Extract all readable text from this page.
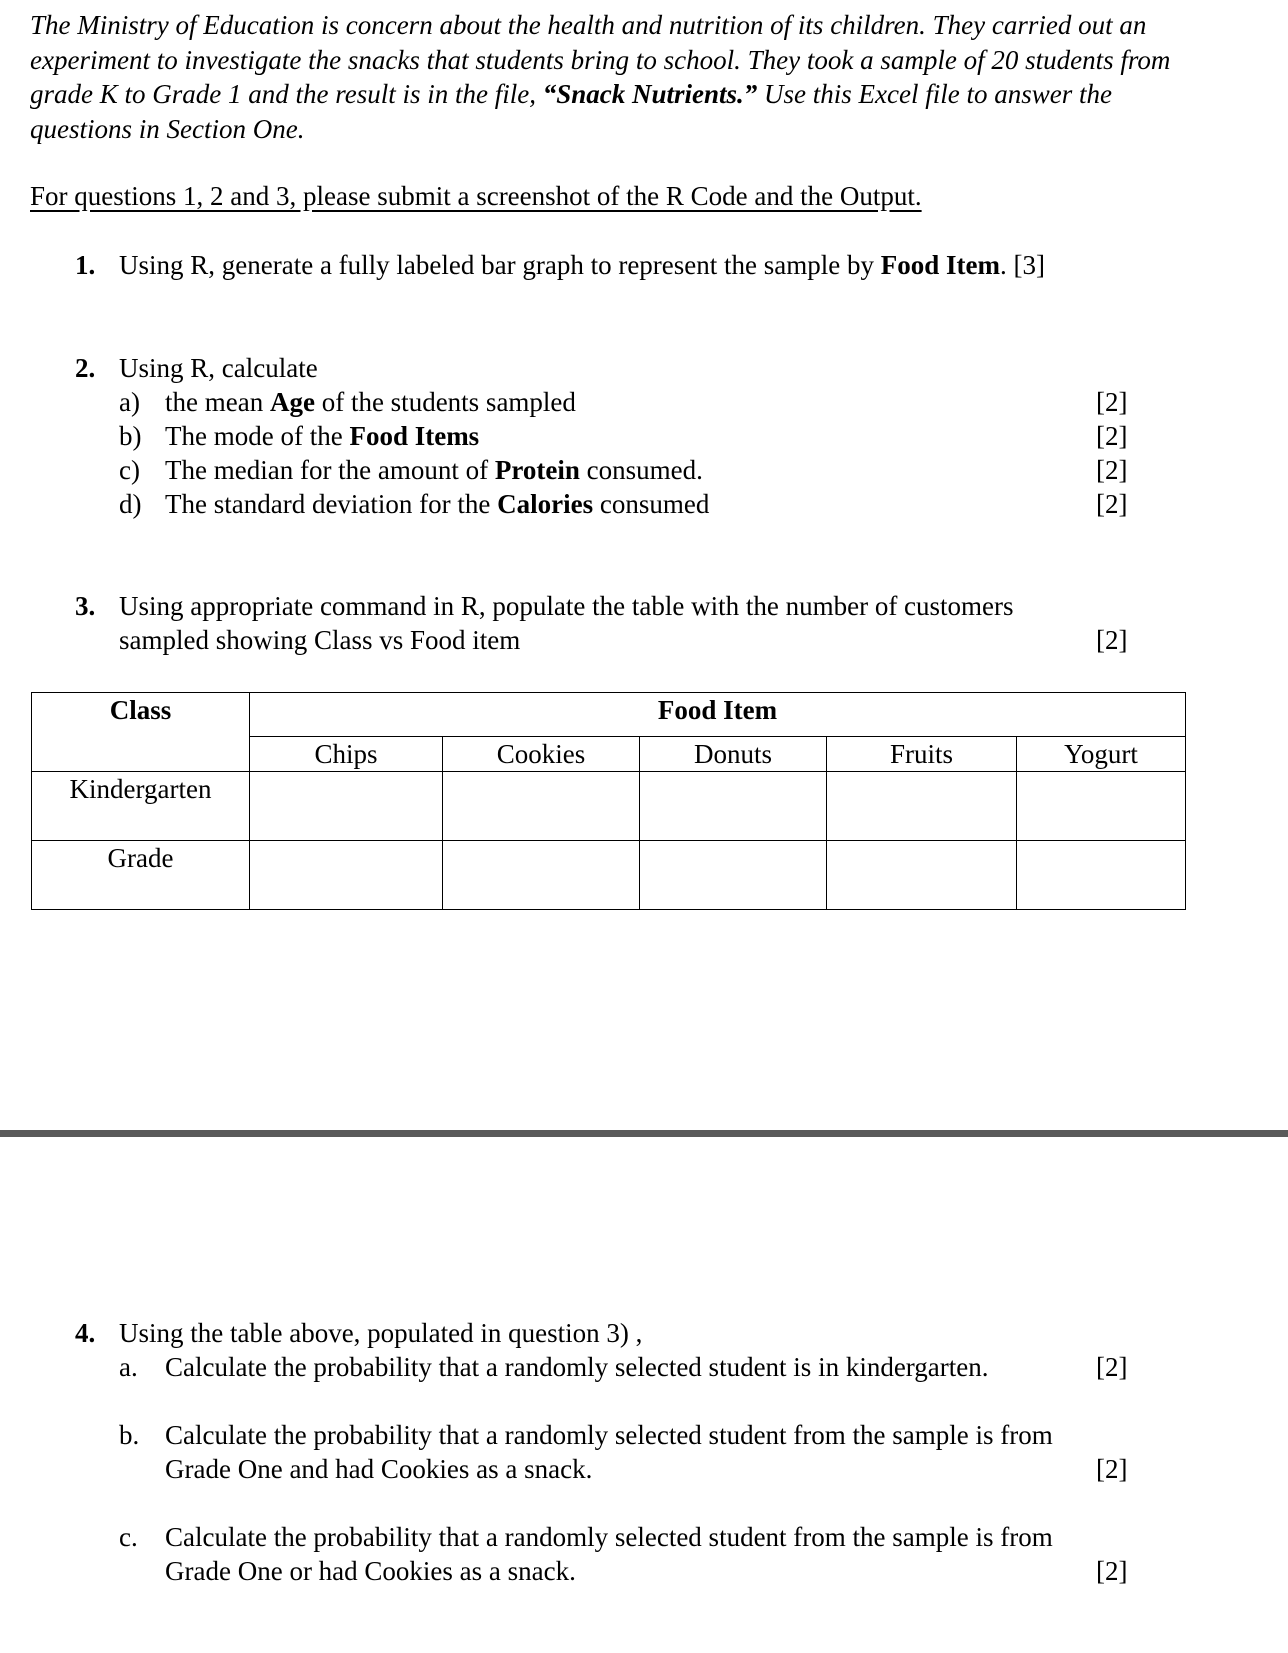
The Ministry of Education is concern about the health and nutrition of its children. They carried out an experiment to investigate the snacks that students bring to school. They took a sample of 20 students from grade K to Grade 1 and the result is in the file, “Snack Nutrients.” Use this Excel file to answer the questions in Section One.
For questions 1, 2 and 3, please submit a screenshot of the R Code and the Output.
1. Using R, generate a fully labeled bar graph to represent the sample by Food Item. [3]
2. Using R, calculate
a) the mean Age of the students sampled	[2]
b) The mode of the Food Items	[2]
c) The median for the amount of Protein consumed.	[2]
d) The standard deviation for the Calories consumed	[2]
3. Using appropriate command in R, populate the table with the number of customers
sampled showing Class vs Food item	[2]
Class	Food Item				
	Chips	Cookies	Donuts	Fruits	Yogurt
Kindergarten					
Grade					
4. Using the table above, populated in question 3) ,
a. Calculate the probability that a randomly selected student is in kindergarten.	[2]
b. Calculate the probability that a randomly selected student from the sample is from
Grade One and had Cookies as a snack.	[2]
c. Calculate the probability that a randomly selected student from the sample is from
Grade One or had Cookies as a snack.	[2]
